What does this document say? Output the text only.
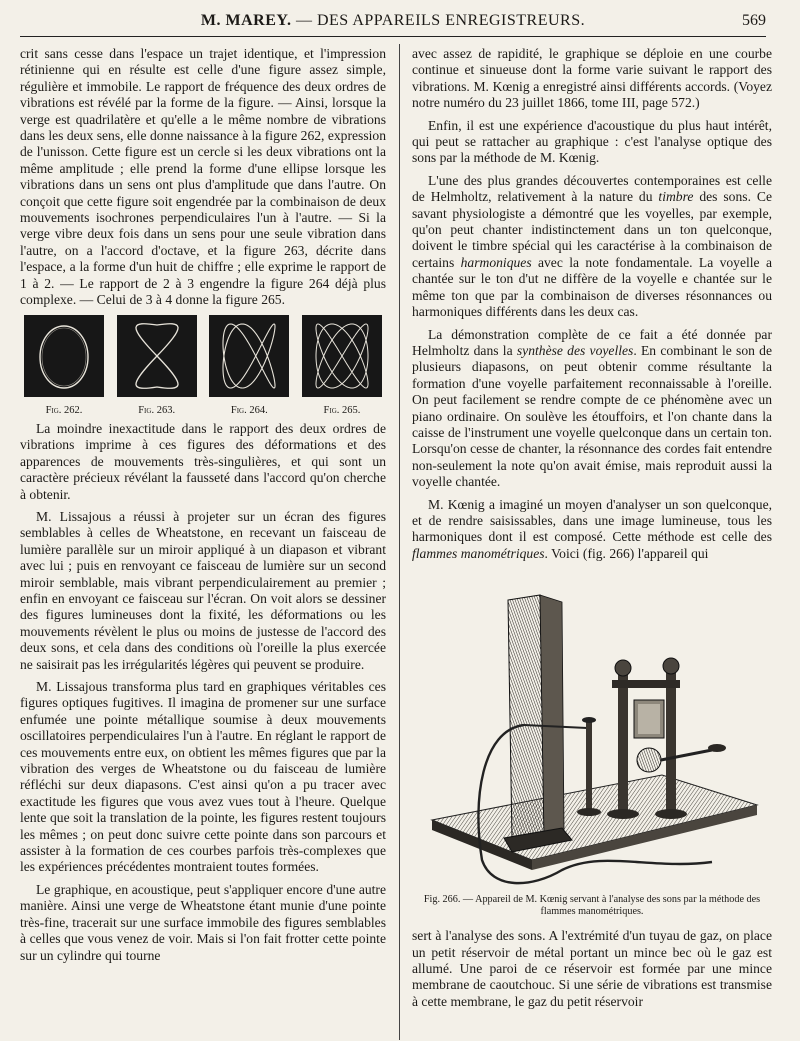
M. MAREY. — DES APPAREILS ENREGISTREURS.	569

crit sans cesse dans l'espace un trajet identique, et l'impression rétinienne qui en résulte est celle d'une figure assez simple, régulière et immobile. Le rapport de fréquence des deux ordres de vibrations est révélé par la forme de la figure. — Ainsi, lorsque la verge est quadrilatère et qu'elle a le même nombre de vibrations dans les deux sens, elle donne naissance à la figure 262, expression de l'unisson. Cette figure est un cercle si les deux vibrations ont la même amplitude ; elle prend la forme d'une ellipse lorsque les vibrations dans un sens ont plus d'amplitude que dans l'autre. On conçoit que cette figure soit engendrée par la combinaison de deux mouvements isochrones perpendiculaires l'un à l'autre. — Si la verge vibre deux fois dans un sens pour une seule vibration dans l'autre, on a l'accord d'octave, et la figure 263, décrite dans l'espace, a la forme d'un huit de chiffre ; elle exprime le rapport de 1 à 2. — Le rapport de 2 à 3 engendre la figure 264 déjà plus complexe. — Celui de 3 à 4 donne la figure 265.

Fig. 262.	Fig. 263.	Fig. 264.	Fig. 265.

La moindre inexactitude dans le rapport des deux ordres de vibrations imprime à ces figures des déformations et des apparences de mouvements très-singulières, et qui sont un caractère précieux révélant la fausseté dans l'accord qu'on cherche à obtenir.

M. Lissajous a réussi à projeter sur un écran des figures semblables à celles de Wheatstone, en recevant un faisceau de lumière parallèle sur un miroir appliqué à un diapason et vibrant avec lui ; puis en renvoyant ce faisceau de lumière sur un second miroir semblable, mais vibrant perpendiculairement au premier ; enfin en envoyant ce faisceau sur l'écran. On voit alors se dessiner des figures lumineuses dont la fixité, les déformations ou les mouvements révèlent le plus ou moins de justesse de l'accord des deux sons, et cela dans des conditions où l'oreille la plus exercée ne saisirait pas les irrégularités légères qui peuvent se produire.

M. Lissajous transforma plus tard en graphiques véritables ces figures optiques fugitives. Il imagina de promener sur une surface enfumée une pointe métallique soumise à deux mouvements oscillatoires perpendiculaires l'un à l'autre. En réglant le rapport de ces mouvements entre eux, on obtient les mêmes figures que par la vibration des verges de Wheatstone ou du faisceau de lumière réfléchi sur deux diapasons. C'est ainsi qu'on a pu tracer avec exactitude les figures que vous avez vues tout à l'heure. Quelque lente que soit la translation de la pointe, les figures restent toujours les mêmes ; on peut donc suivre cette pointe dans son parcours et assister à la formation de ces courbes parfois très-complexes que les expériences précédentes montraient toutes formées.

Le graphique, en acoustique, peut s'appliquer encore d'une autre manière. Ainsi une verge de Wheatstone étant munie d'une pointe très-fine, tracerait sur une surface immobile des figures semblables à celles que vous venez de voir. Mais si l'on fait frotter cette pointe sur un cylindre qui tourne

avec assez de rapidité, le graphique se déploie en une courbe continue et sinueuse dont la forme varie suivant le rapport des vibrations. M. Kœnig a enregistré ainsi différents accords. (Voyez notre numéro du 23 juillet 1866, tome III, page 572.)

Enfin, il est une expérience d'acoustique du plus haut intérêt, qui peut se rattacher au graphique : c'est l'analyse optique des sons par la méthode de M. Kœnig.

L'une des plus grandes découvertes contemporaines est celle de Helmholtz, relativement à la nature du timbre des sons. Ce savant physiologiste a démontré que les voyelles, par exemple, qu'on peut chanter indistinctement dans un ton quelconque, doivent le timbre spécial qui les caractérise à la combinaison de certains harmoniques avec la note fondamentale. La voyelle a chantée sur le ton d'ut ne diffère de la voyelle e chantée sur le même ton que par la combinaison de diverses résonnances ou harmoniques différents dans les deux cas.

La démonstration complète de ce fait a été donnée par Helmholtz dans la synthèse des voyelles. En combinant le son de plusieurs diapasons, on peut obtenir comme résultante la formation d'une voyelle parfaitement reconnaissable à l'oreille. On peut facilement se rendre compte de ce phénomène avec un piano ordinaire. On soulève les étouffoirs, et l'on chante dans la caisse de l'instrument une voyelle quelconque dans un certain ton. Lorsqu'on cesse de chanter, la résonnance des cordes fait entendre non-seulement la note qu'on avait émise, mais reproduit aussi la voyelle chantée.

M. Kœnig a imaginé un moyen d'analyser un son quelconque, et de rendre saisissables, dans une image lumineuse, tous les harmoniques dont il est composé. Cette méthode est celle des flammes manométriques. Voici (fig. 266) l'appareil qui

Fig. 266. — Appareil de M. Kœnig servant à l'analyse des sons par la méthode des flammes manométriques.

sert à l'analyse des sons. A l'extrémité d'un tuyau de gaz, on place un petit réservoir de métal portant un mince bec où le gaz est allumé. Une paroi de ce réservoir est formée par une mince membrane de caoutchouc. Si une série de vibrations est transmise à cette membrane, le gaz du petit réservoir
